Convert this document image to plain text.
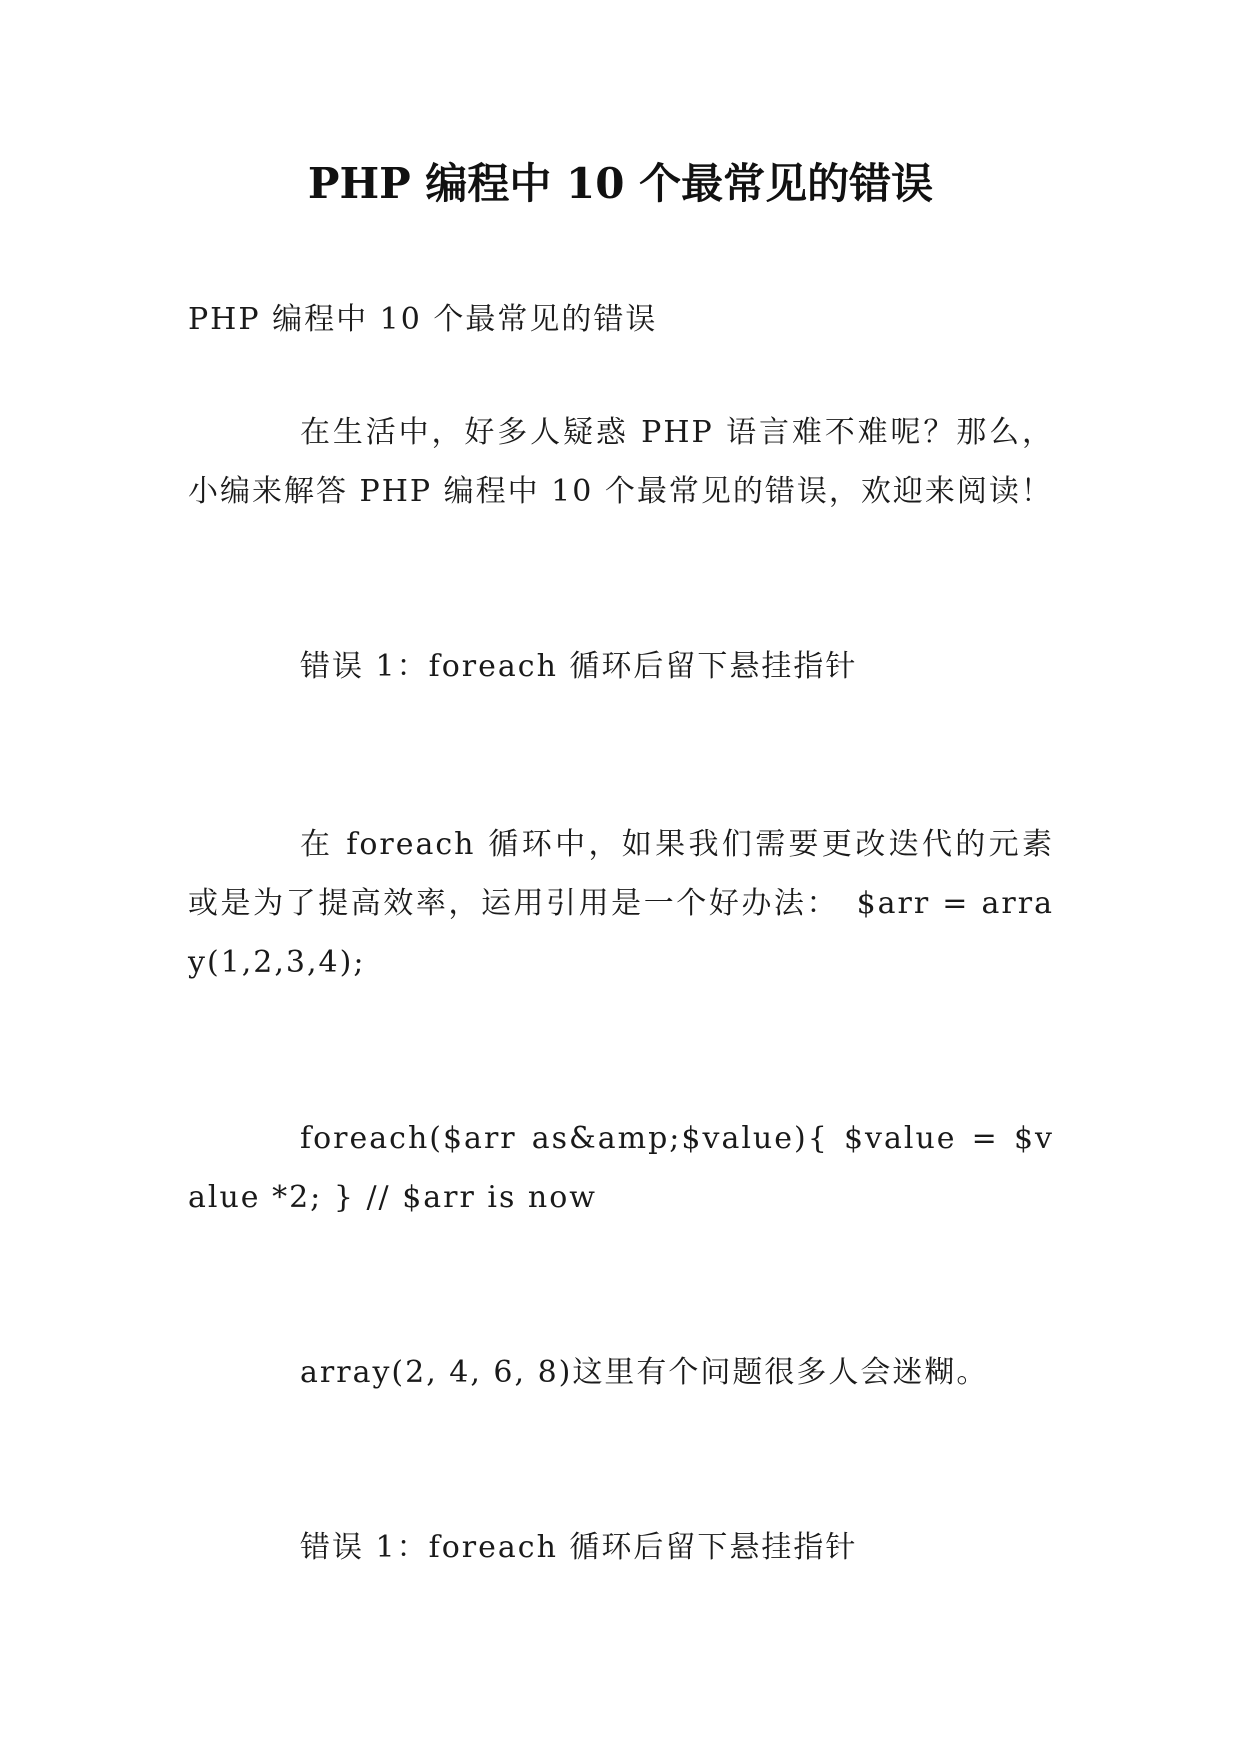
PHP 编程中 10 个最常见的错误

PHP 编程中 10 个最常见的错误

在生活中，好多人疑惑 PHP 语言难不难呢？那么，小编来解答 PHP 编程中 10 个最常见的错误，欢迎来阅读！

错误 1：foreach 循环后留下悬挂指针

在 foreach 循环中，如果我们需要更改迭代的元素或是为了提高效率，运用引用是一个好办法：　$arr = array(1,2,3,4);

foreach($arr as&amp;$value){ $value = $value *2; } // $arr is now

array(2, 4, 6, 8)这里有个问题很多人会迷糊。

错误 1：foreach 循环后留下悬挂指针
